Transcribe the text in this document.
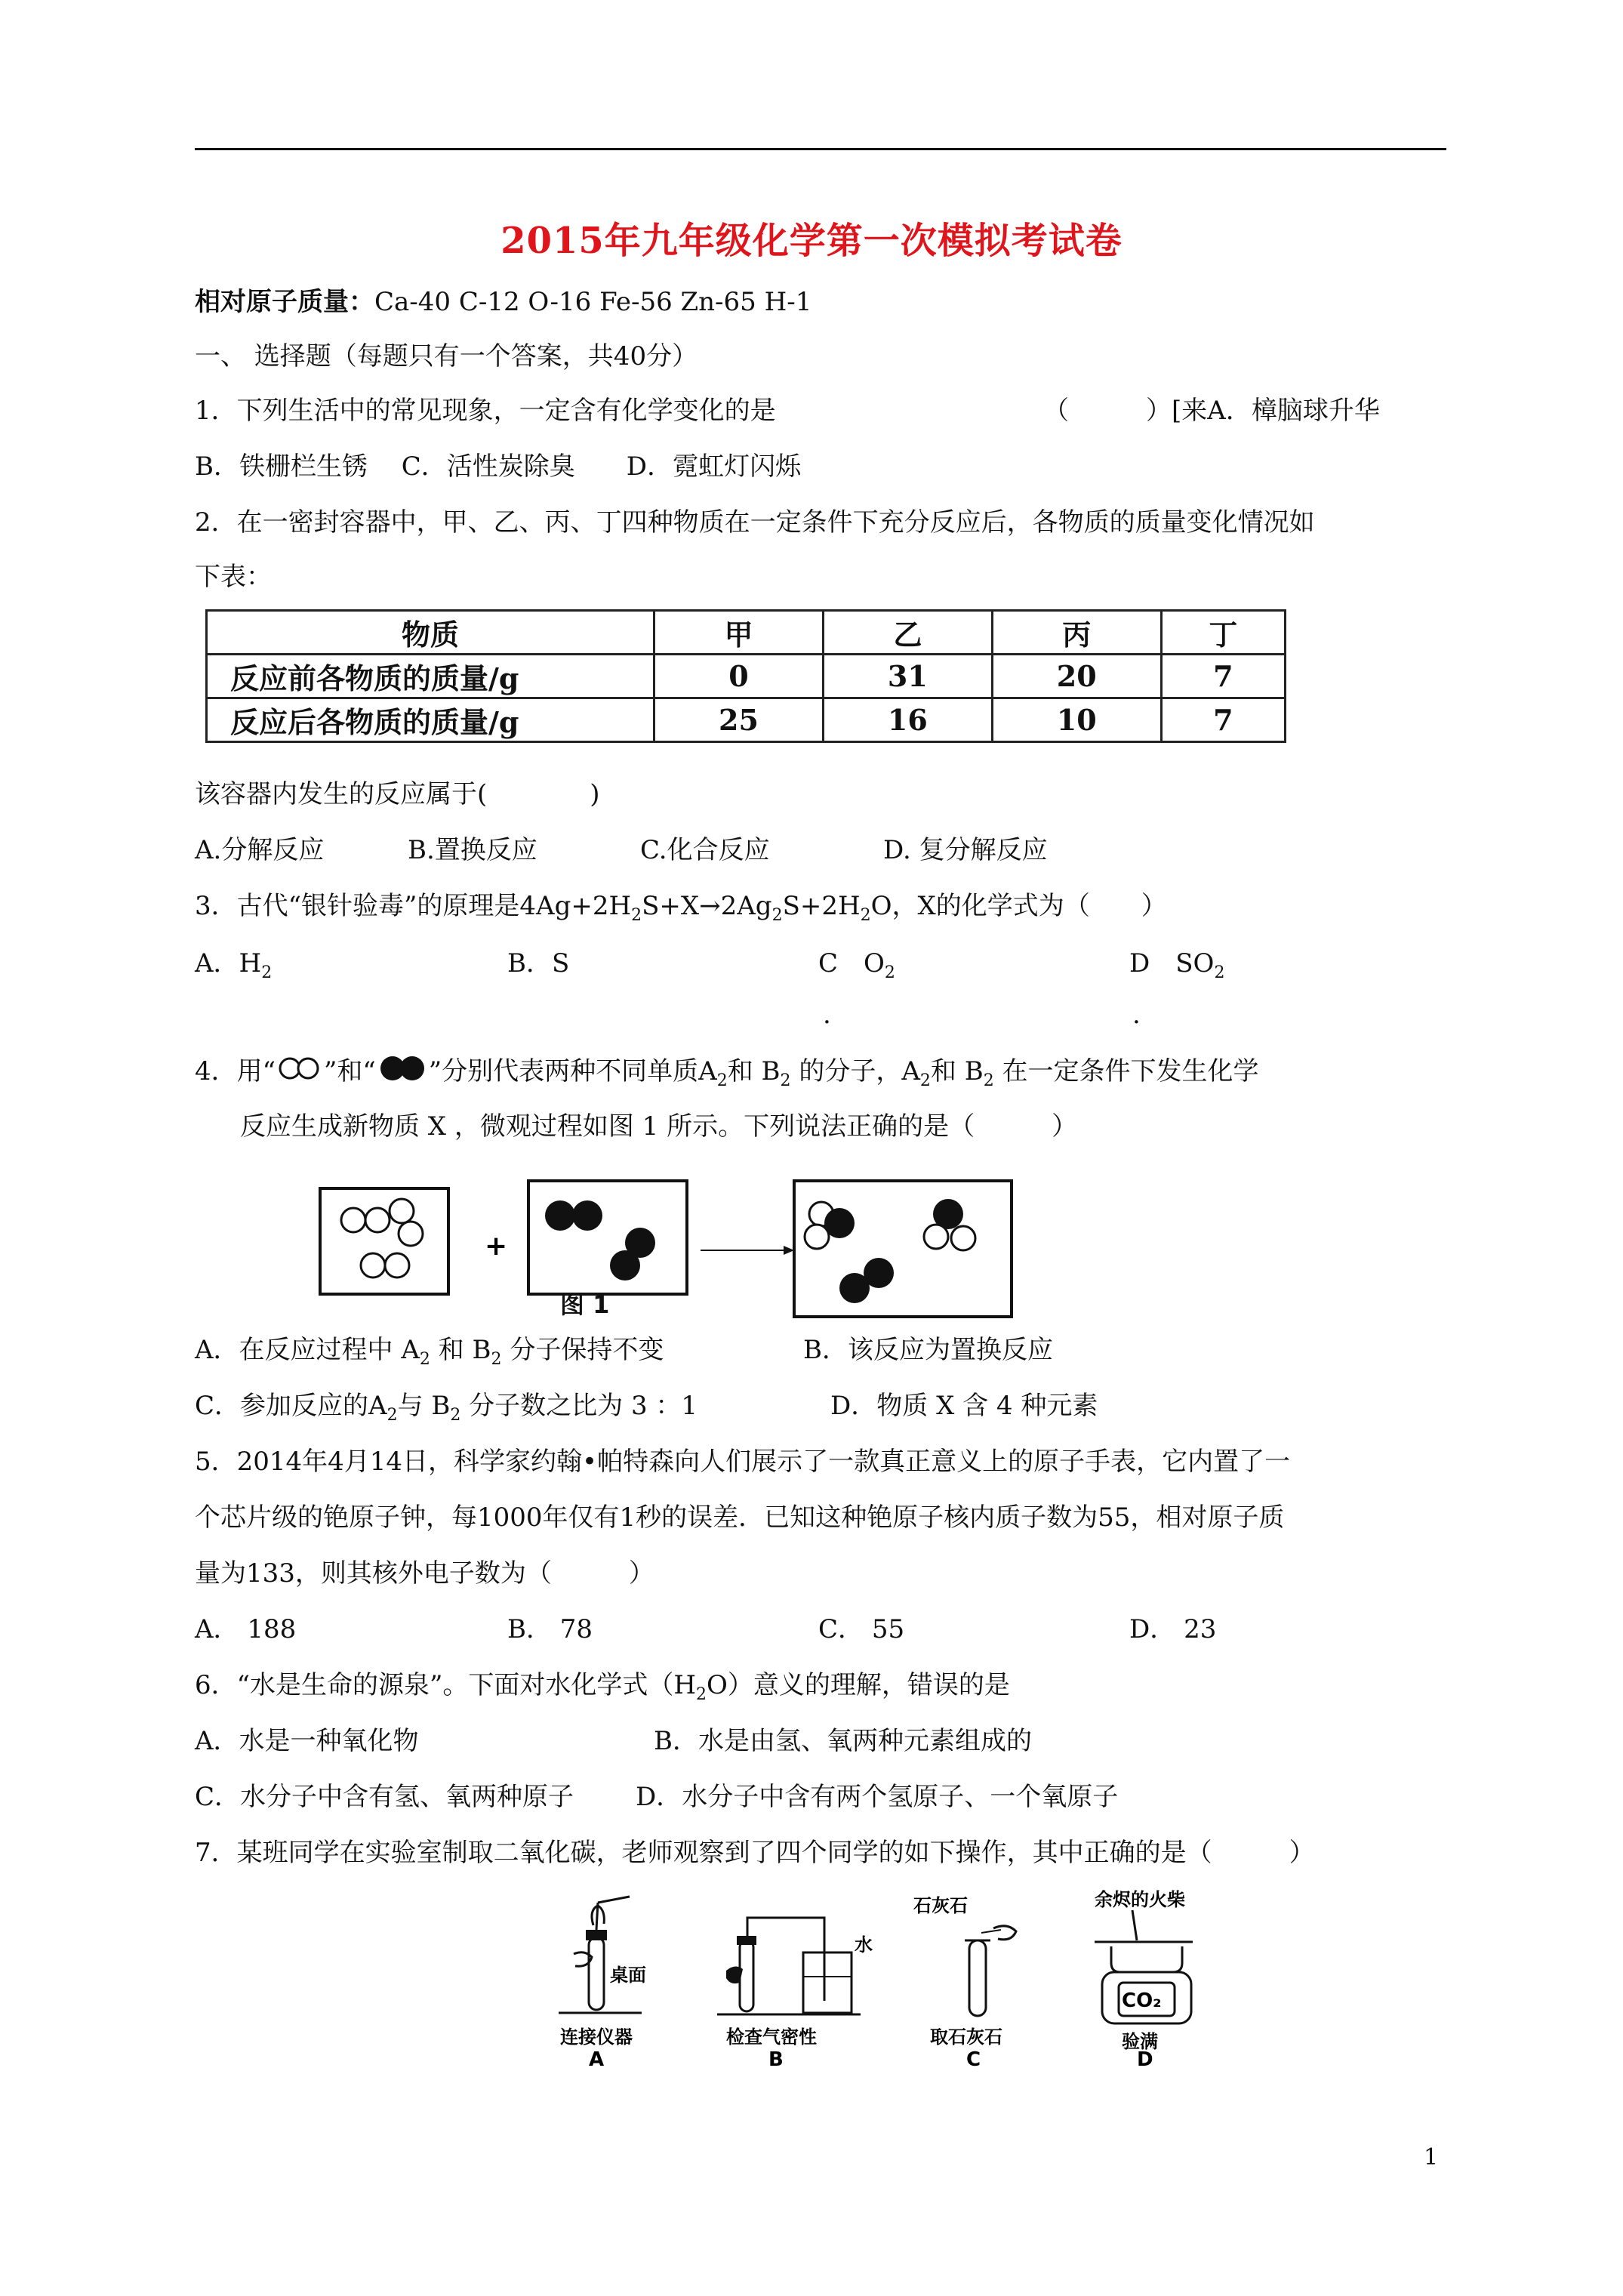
2015年九年级化学第一次模拟考试卷
相对原子质量：Ca-40 C-12 O-16 Fe-56 Zn-65 H-1
一、 选择题（每题只有一个答案，共40分）
1．下列生活中的常见现象，一定含有化学变化的是	（　　　）[来A．樟脑球升华
B．铁栅栏生锈　 C．活性炭除臭　　D．霓虹灯闪烁
2．在一密封容器中，甲、乙、丙、丁四种物质在一定条件下充分反应后，各物质的质量变化情况如
下表：
物质	甲	乙	丙	丁
反应前各物质的质量/g	0	31	20	7
反应后各物质的质量/g	25	16	10	7
该容器内发生的反应属于(　　　　)
A.分解反应	B.置换反应	C.化合反应	D. 复分解反应
3．古代“银针验毒”的原理是$4Ag+2H_2S+X\to 2Ag_2S+2H_2O$，X的化学式为（　　）
A．$H_2$	B．S	C　$O_2$	D　$SO_2$
.	.
4．用“ ”和“ ”分别代表两种不同单质$A_2$和 $B_2$ 的分子，$A_2$和 $B_2$ 在一定条件下发生化学
反应生成新物质 X ，微观过程如图 1 所示。下列说法正确的是（　　　）
+
图 1
A．在反应过程中 $A_2$ 和 $B_2$ 分子保持不变	B．该反应为置换反应
C．参加反应的$A_2$与 $B_2$ 分子数之比为 3 ：1	D．物质 X 含 4 种元素
5．2014年4月14日，科学家约翰•帕特森向人们展示了一款真正意义上的原子手表，它内置了一
个芯片级的铯原子钟，每1000年仅有1秒的误差．已知这种铯原子核内质子数为55，相对原子质
量为133，则其核外电子数为（　　　）
A． 188	B． 78	C． 55	D． 23
6．“水是生命的源泉”。下面对水化学式$(H_2O)$意义的理解，错误的是
A．水是一种氧化物	B．水是由氢、氧两种元素组成的
C．水分子中含有氢、氧两种原子 D．水分子中含有两个氢原子、一个氧原子
7．某班同学在实验室制取二氧化碳，老师观察到了四个同学的如下操作，其中正确的是（　　　）
桌面
连接仪器
A
水
检查气密性
B
石灰石
取石灰石
C
余烬的火柴
CO₂
验满
D
1
